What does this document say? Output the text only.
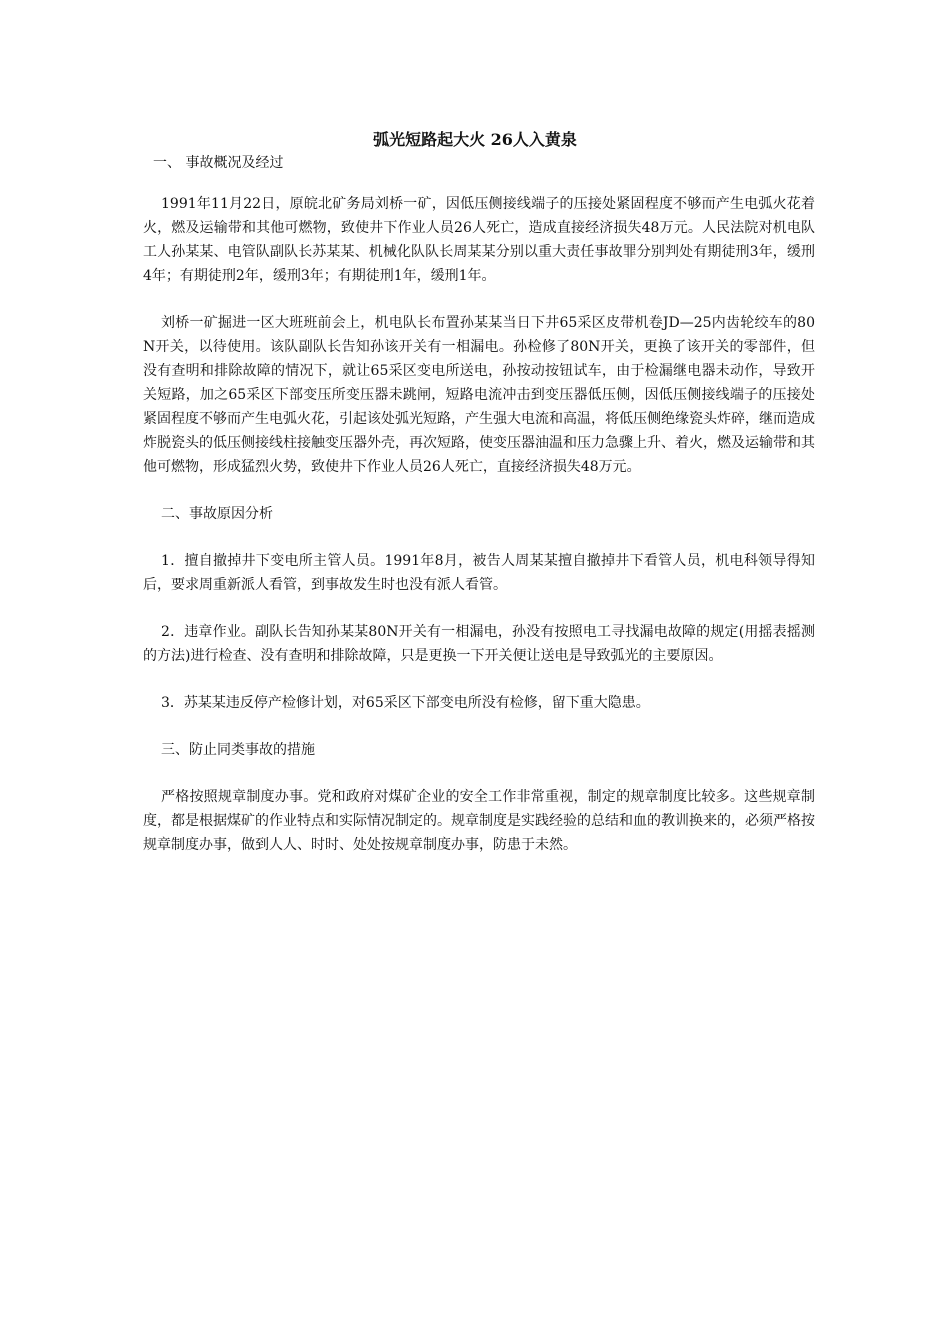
弧光短路起大火 26人入黄泉

一、 事故概况及经过

1991年11月22日，原皖北矿务局刘桥一矿，因低压侧接线端子的压接处紧固程度不够而产生电弧火花着火，燃及运输带和其他可燃物，致使井下作业人员26人死亡，造成直接经济损失48万元。人民法院对机电队工人孙某某、电管队副队长苏某某、机械化队队长周某某分别以重大责任事故罪分别判处有期徒刑3年，缓刑4年；有期徒刑2年，缓刑3年；有期徒刑1年，缓刑1年。

刘桥一矿掘进一区大班班前会上，机电队长布置孙某某当日下井65采区皮带机卷JD—25内齿轮绞车的80N开关，以待使用。该队副队长告知孙该开关有一相漏电。孙检修了80N开关，更换了该开关的零部件，但没有查明和排除故障的情况下，就让65采区变电所送电，孙按动按钮试车，由于检漏继电器未动作，导致开关短路，加之65采区下部变压所变压器未跳闸，短路电流冲击到变压器低压侧，因低压侧接线端子的压接处紧固程度不够而产生电弧火花，引起该处弧光短路，产生强大电流和高温，将低压侧绝缘瓷头炸碎，继而造成炸脱瓷头的低压侧接线柱接触变压器外壳，再次短路，使变压器油温和压力急骤上升、着火，燃及运输带和其他可燃物，形成猛烈火势，致使井下作业人员26人死亡，直接经济损失48万元。

二、事故原因分析

1．擅自撤掉井下变电所主管人员。1991年8月，被告人周某某擅自撤掉井下看管人员，机电科领导得知后，要求周重新派人看管，到事故发生时也没有派人看管。

2．违章作业。副队长告知孙某某80N开关有一相漏电，孙没有按照电工寻找漏电故障的规定(用摇表摇测的方法)进行检查、没有查明和排除故障，只是更换一下开关便让送电是导致弧光的主要原因。

3．苏某某违反停产检修计划，对65采区下部变电所没有检修，留下重大隐患。

三、防止同类事故的措施

严格按照规章制度办事。党和政府对煤矿企业的安全工作非常重视，制定的规章制度比较多。这些规章制度，都是根据煤矿的作业特点和实际情况制定的。规章制度是实践经验的总结和血的教训换来的，必须严格按规章制度办事，做到人人、时时、处处按规章制度办事，防患于未然。
